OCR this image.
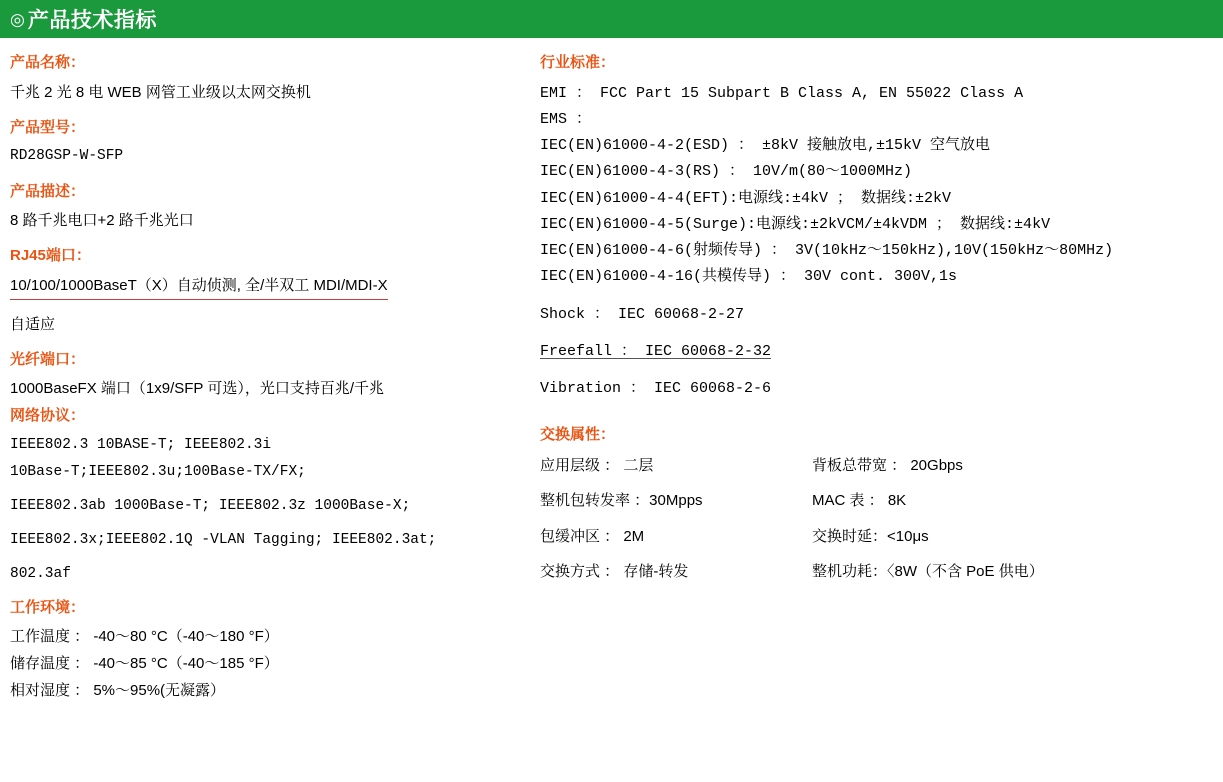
◎ 产品技术指标
产品名称：
千兆 2 光 8 电 WEB 网管工业级以太网交换机
产品型号：
RD28GSP-W-SFP
产品描述：
8 路千兆电口+2 路千兆光口
RJ45端口：
10/100/1000BaseT（X）自动侦测, 全/半双工 MDI/MDI-X
自适应
光纤端口：
1000BaseFX 端口（1x9/SFP 可选），光口支持百兆/千兆
网络协议：
IEEE802.3 10BASE-T; IEEE802.3i
10Base-T;IEEE802.3u;100Base-TX/FX;
IEEE802.3ab 1000Base-T; IEEE802.3z 1000Base-X;
IEEE802.3x;IEEE802.1Q -VLAN Tagging; IEEE802.3at;
802.3af
工作环境：
工作温度 ： -40～80 °C（-40～180 °F）
储存温度 ： -40～85 °C（-40～185 °F）
相对湿度 ： 5%～95%(无凝露）
行业标准：
EMI ： FCC Part 15 Subpart B Class A, EN 55022 Class A
EMS ：
IEC(EN)61000-4-2(ESD) ： ±8kV 接触放电,±15kV 空气放电
IEC(EN)61000-4-3(RS) ： 10V/m(80～1000MHz)
IEC(EN)61000-4-4(EFT):电源线:±4kV ； 数据线:±2kV
IEC(EN)61000-4-5(Surge):电源线:±2kVCM/±4kVDM ； 数据线:±4kV
IEC(EN)61000-4-6(射频传导) ： 3V(10kHz～150kHz),10V(150kHz～80MHz)
IEC(EN)61000-4-16(共模传导) ： 30V cont. 300V,1s
Shock ： IEC 60068-2-27
Freefall ： IEC 60068-2-32
Vibration ： IEC 60068-2-6
交换属性：
应用层级 ： 二层	背板总带宽 ： 20Gbps
整机包转发率 ：30Mpps	MAC 表 ： 8K
包缓冲区 ： 2M	交换时延：<10μs
交换方式 ： 存储-转发	整机功耗：〈8W（不含 PoE 供电）
